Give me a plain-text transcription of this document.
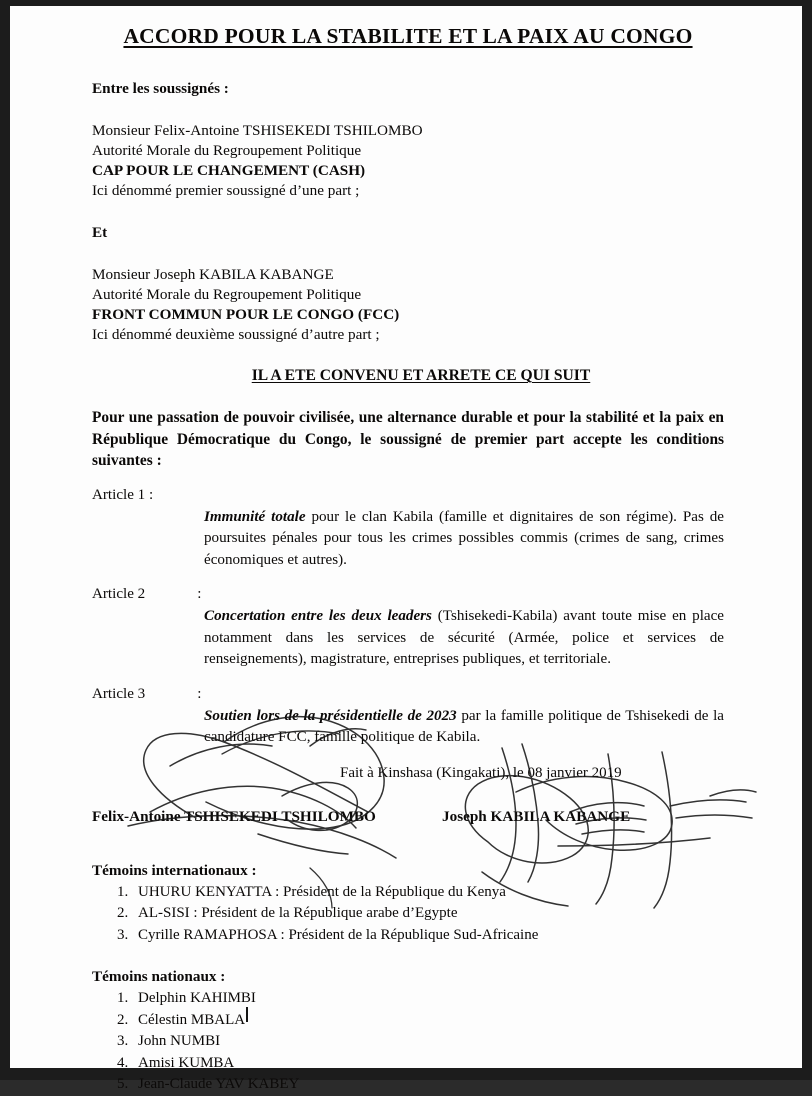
ACCORD POUR LA STABILITE ET LA PAIX AU CONGO

Entre les soussignés :

Monsieur Felix-Antoine TSHISEKEDI TSHILOMBO

Autorité Morale du Regroupement Politique

CAP POUR LE CHANGEMENT (CASH)

Ici dénommé premier soussigné d’une part ;

Et

Monsieur Joseph KABILA KABANGE

Autorité Morale du Regroupement Politique

FRONT COMMUN POUR LE CONGO (FCC)

Ici dénommé deuxième soussigné d’autre part ;

IL A ETE CONVENU ET ARRETE CE QUI SUIT

Pour une passation de pouvoir civilisée, une alternance durable et pour la stabilité et la paix en République Démocratique du Congo, le soussigné de premier part accepte les conditions suivantes :

Article 1 :
Immunité totale pour le clan Kabila (famille et dignitaires de son régime). Pas de poursuites pénales pour tous les crimes possibles commis (crimes de sang, crimes économiques et autres).
Article 2	:
Concertation entre les deux leaders (Tshisekedi-Kabila) avant toute mise en place notamment dans les services de sécurité (Armée, police et services de renseignements), magistrature, entreprises publiques, et territoriale.
Article 3	:
Soutien lors de la présidentielle de 2023 par la famille politique de Tshisekedi de la candidature FCC, famille politique de Kabila.
Fait à Kinshasa (Kingakati), le 08 janvier 2019
Felix-Antoine TSHISEKEDI TSHILOMBO	Joseph KABILA KABANGE
Témoins internationaux :
1. UHURU KENYATTA : Président de la République du Kenya
2. AL-SISI : Président de la République arabe d’Egypte
3. Cyrille RAMAPHOSA : Président de la République Sud-Africaine
Témoins nationaux :
1. Delphin KAHIMBI
2. Célestin MBALA
3. John NUMBI
4. Amisi KUMBA
5. Jean-Claude YAV KABEY
